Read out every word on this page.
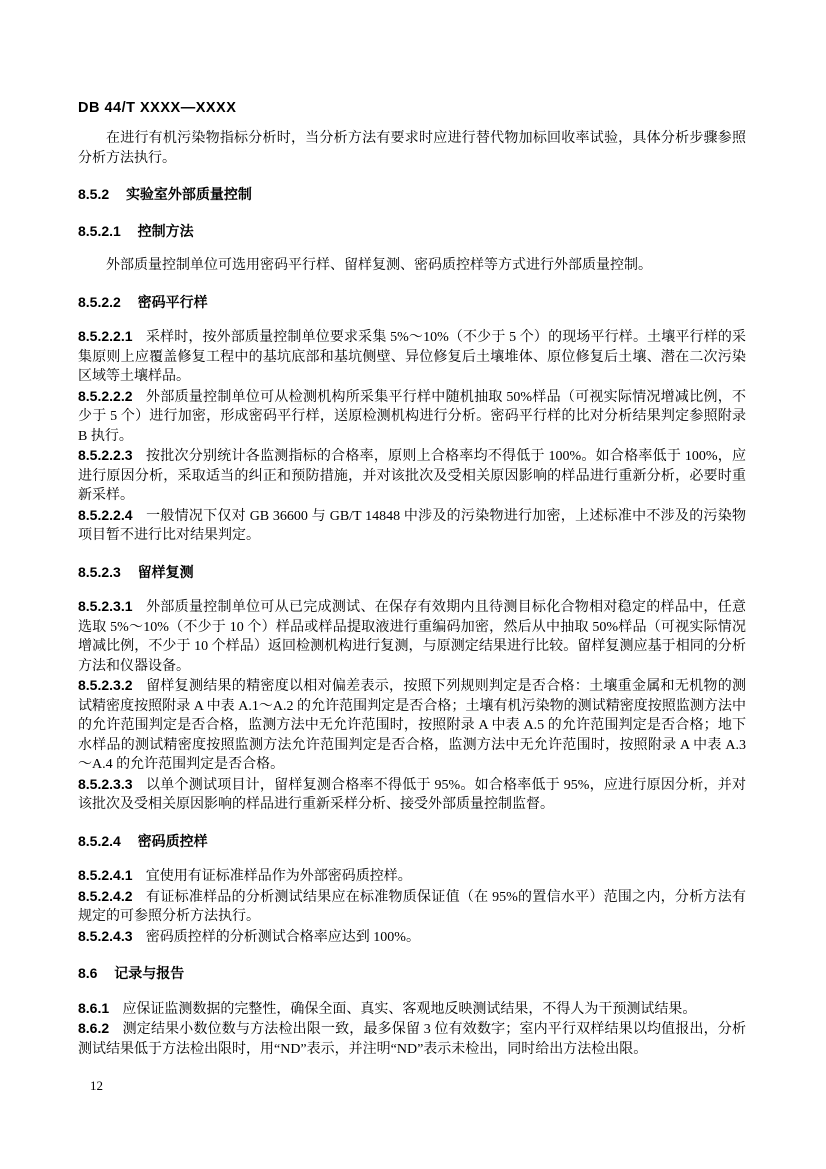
DB 44/T XXXX—XXXX

在进行有机污染物指标分析时，当分析方法有要求时应进行替代物加标回收率试验，具体分析步骤参照分析方法执行。

8.5.2 实验室外部质量控制
8.5.2.1 控制方法

外部质量控制单位可选用密码平行样、留样复测、密码质控样等方式进行外部质量控制。

8.5.2.2 密码平行样

8.5.2.2.1 采样时，按外部质量控制单位要求采集 5%～10%（不少于 5 个）的现场平行样。土壤平行样的采集原则上应覆盖修复工程中的基坑底部和基坑侧壁、异位修复后土壤堆体、原位修复后土壤、潜在二次污染区域等土壤样品。

8.5.2.2.2 外部质量控制单位可从检测机构所采集平行样中随机抽取 50%样品（可视实际情况增减比例，不少于 5 个）进行加密，形成密码平行样，送原检测机构进行分析。密码平行样的比对分析结果判定参照附录 B 执行。

8.5.2.2.3 按批次分别统计各监测指标的合格率，原则上合格率均不得低于 100%。如合格率低于 100%，应进行原因分析，采取适当的纠正和预防措施，并对该批次及受相关原因影响的样品进行重新分析，必要时重新采样。

8.5.2.2.4 一般情况下仅对 GB 36600 与 GB/T 14848 中涉及的污染物进行加密，上述标准中不涉及的污染物项目暂不进行比对结果判定。

8.5.2.3 留样复测

8.5.2.3.1 外部质量控制单位可从已完成测试、在保存有效期内且待测目标化合物相对稳定的样品中，任意选取 5%～10%（不少于 10 个）样品或样品提取液进行重编码加密，然后从中抽取 50%样品（可视实际情况增减比例，不少于 10 个样品）返回检测机构进行复测，与原测定结果进行比较。留样复测应基于相同的分析方法和仪器设备。

8.5.2.3.2 留样复测结果的精密度以相对偏差表示，按照下列规则判定是否合格：土壤重金属和无机物的测试精密度按照附录 A 中表 A.1～A.2 的允许范围判定是否合格；土壤有机污染物的测试精密度按照监测方法中的允许范围判定是否合格，监测方法中无允许范围时，按照附录 A 中表 A.5 的允许范围判定是否合格；地下水样品的测试精密度按照监测方法允许范围判定是否合格，监测方法中无允许范围时，按照附录 A 中表 A.3～A.4 的允许范围判定是否合格。

8.5.2.3.3 以单个测试项目计，留样复测合格率不得低于 95%。如合格率低于 95%，应进行原因分析，并对该批次及受相关原因影响的样品进行重新采样分析、接受外部质量控制监督。

8.5.2.4 密码质控样

8.5.2.4.1 宜使用有证标准样品作为外部密码质控样。

8.5.2.4.2 有证标准样品的分析测试结果应在标准物质保证值（在 95%的置信水平）范围之内，分析方法有规定的可参照分析方法执行。

8.5.2.4.3 密码质控样的分析测试合格率应达到 100%。

8.6 记录与报告

8.6.1 应保证监测数据的完整性，确保全面、真实、客观地反映测试结果，不得人为干预测试结果。

8.6.2 测定结果小数位数与方法检出限一致，最多保留 3 位有效数字；室内平行双样结果以均值报出，分析测试结果低于方法检出限时，用“ND”表示，并注明“ND”表示未检出，同时给出方法检出限。

12
